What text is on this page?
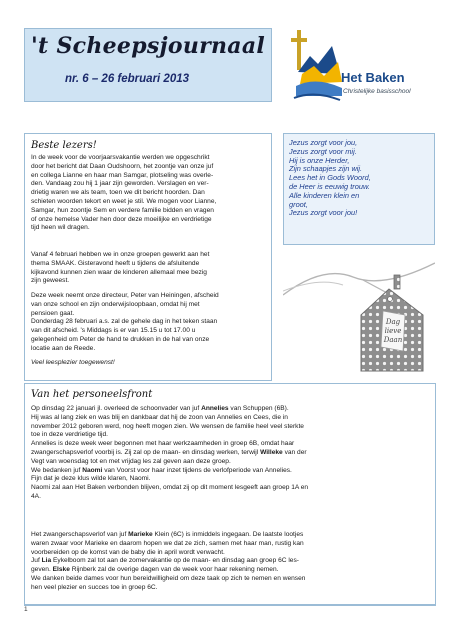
't Scheepsjournaal
nr. 6 – 26 februari 2013	Het Baken
Christelijke basisschool
Beste lezers!
In de week voor de voorjaarsvakantie werden we opgeschrikt
door het bericht dat Daan Oudshoorn, het zoontje van onze juf
en collega Lianne en haar man Samgar, plotseling was overle-
den. Vandaag zou hij 1 jaar zijn geworden. Verslagen en ver-
drietig waren we als team, toen we dit bericht hoorden. Dan
schieten woorden tekort en weet je stil. We mogen voor Lianne,
Samgar, hun zoontje Sem en verdere familie bidden en vragen
of onze hemelse Vader hen door deze moeilijke en verdrietige
tijd heen wil dragen.
Vanaf 4 februari hebben we in onze groepen gewerkt aan het
thema SMAAK. Gisteravond heeft u tijdens de afsluitende
kijkavond kunnen zien waar de kinderen allemaal mee bezig
zijn geweest.
Deze week neemt onze directeur, Peter van Heiningen, afscheid
van onze school en zijn onderwijsloopbaan, omdat hij met
pensioen gaat.
Donderdag 28 februari a.s. zal de gehele dag in het teken staan
van dit afscheid. 's Middags is er van 15.15 u tot 17.00 u
gelegenheid om Peter de hand te drukken in de hal van onze
locatie aan de Reede.
Veel leesplezier toegewenst!
Jezus zorgt voor jou,
Jezus zorgt voor mij.
Hij is onze Herder,
Zijn schaapjes zijn wij.
Lees het in Gods Woord,
de Heer is eeuwig trouw.
Alle kinderen klein en
groot,
Jezus zorgt voor jou!
Dag
lieve
Daan
Van het personeelsfront
Op dinsdag 22 januari jl. overleed de schoonvader van juf Annelies van Schuppen (6B).
Hij was al lang ziek en was blij en dankbaar dat hij de zoon van Annelies en Cees, die in
november 2012 geboren werd, nog heeft mogen zien. We wensen de familie heel veel sterkte
toe in deze verdrietige tijd.
Annelies is deze week weer begonnen met haar werkzaamheden in groep 6B, omdat haar
zwangerschapsverlof voorbij is. Zij zal op de maan- en dinsdag werken, terwijl Willeke van der
Vegt van woensdag tot en met vrijdag les zal geven aan deze groep.
We bedanken juf Naomi van Voorst voor haar inzet tijdens de verlofperiode van Annelies.
Fijn dat je deze klus wilde klaren, Naomi.
Naomi zal aan Het Baken verbonden blijven, omdat zij op dit moment lesgeeft aan groep 1A en
4A.
Het zwangerschapsverlof van juf Marieke Klein (6C) is inmiddels ingegaan. De laatste lootjes
waren zwaar voor Marieke en daarom hopen we dat ze zich, samen met haar man, rustig kan
voorbereiden op de komst van de baby die in april wordt verwacht.
Juf Lia Eykelboom zal tot aan de zomervakantie op de maan- en dinsdag aan groep 6C les-
geven. Elske Rijnberk zal de overige dagen van de week voor haar rekening nemen.
We danken beide dames voor hun bereidwilligheid om deze taak op zich te nemen en wensen
hen veel plezier en succes toe in groep 6C.
1
